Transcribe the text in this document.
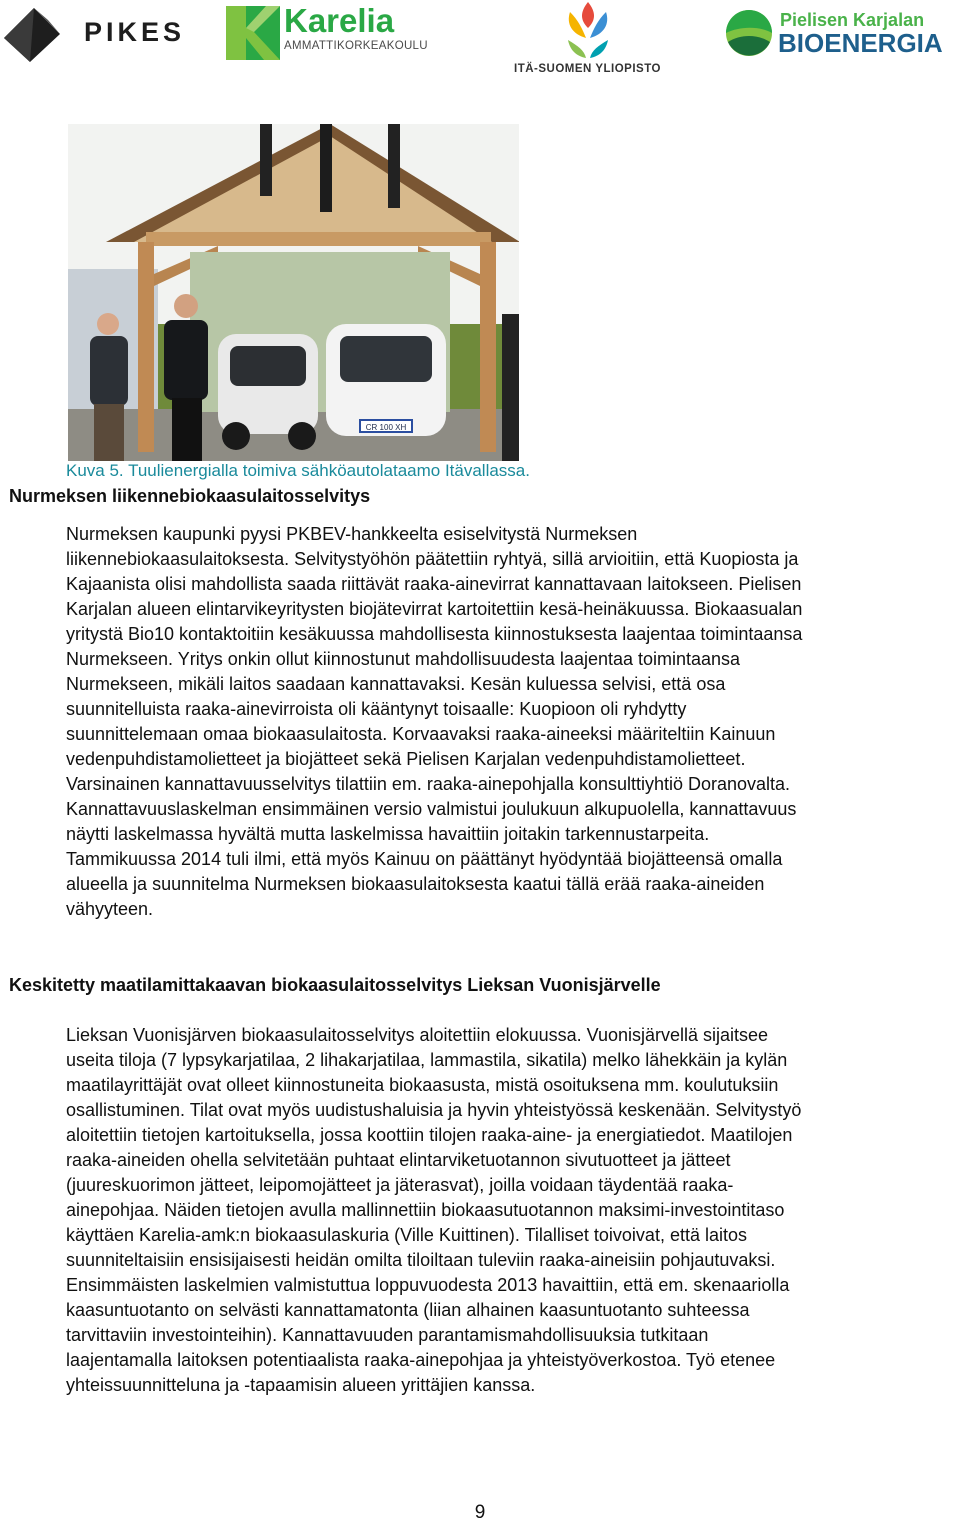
PIKES	Karelia
AMMATTIKORKEAKOULU
ITÄ-SUOMEN YLIOPISTO
Pielisen Karjalan
BIOENERGIA
CR 100 XH
Kuva 5. Tuulienergialla toimiva sähköautolataamo Itävallassa.
Nurmeksen liikennebiokaasulaitosselvitys
Nurmeksen kaupunki pyysi PKBEV-hankkeelta esiselvitystä Nurmeksen
liikennebiokaasulaitoksesta. Selvitystyöhön päätettiin ryhtyä, sillä arvioitiin, että Kuopiosta ja
Kajaanista olisi mahdollista saada riittävät raaka-ainevirrat kannattavaan laitokseen. Pielisen
Karjalan alueen elintarvikeyritysten biojätevirrat kartoitettiin kesä-heinäkuussa. Biokaasualan
yritystä Bio10 kontaktoitiin kesäkuussa mahdollisesta kiinnostuksesta laajentaa toimintaansa
Nurmekseen. Yritys onkin ollut kiinnostunut mahdollisuudesta laajentaa toimintaansa
Nurmekseen, mikäli laitos saadaan kannattavaksi. Kesän kuluessa selvisi, että osa
suunnitelluista raaka-ainevirroista oli kääntynyt toisaalle: Kuopioon oli ryhdytty
suunnittelemaan omaa biokaasulaitosta. Korvaavaksi raaka-aineeksi määriteltiin Kainuun
vedenpuhdistamolietteet ja biojätteet sekä Pielisen Karjalan vedenpuhdistamolietteet.
Varsinainen kannattavuusselvitys tilattiin em. raaka-ainepohjalla konsulttiyhtiö Doranovalta.
Kannattavuuslaskelman ensimmäinen versio valmistui joulukuun alkupuolella, kannattavuus
näytti laskelmassa hyvältä mutta laskelmissa havaittiin joitakin tarkennustarpeita.
Tammikuussa 2014 tuli ilmi, että myös Kainuu on päättänyt hyödyntää biojätteensä omalla
alueella ja suunnitelma Nurmeksen biokaasulaitoksesta kaatui tällä erää raaka-aineiden
vähyyteen.
Keskitetty maatilamittakaavan biokaasulaitosselvitys Lieksan Vuonisjärvelle
Lieksan Vuonisjärven biokaasulaitosselvitys aloitettiin elokuussa. Vuonisjärvellä sijaitsee
useita tiloja (7 lypsykarjatilaa, 2 lihakarjatilaa, lammastila, sikatila) melko lähekkäin ja kylän
maatilayrittäjät ovat olleet kiinnostuneita biokaasusta, mistä osoituksena mm. koulutuksiin
osallistuminen. Tilat ovat myös uudistushaluisia ja hyvin yhteistyössä keskenään. Selvitystyö
aloitettiin tietojen kartoituksella, jossa koottiin tilojen raaka-aine- ja energiatiedot. Maatilojen
raaka-aineiden ohella selvitetään puhtaat elintarviketuotannon sivutuotteet ja jätteet
(juureskuorimon jätteet, leipomojätteet ja jäterasvat), joilla voidaan täydentää raaka-
ainepohjaa. Näiden tietojen avulla mallinnettiin biokaasutuotannon maksimi-investointitaso
käyttäen Karelia-amk:n biokaasulaskuria (Ville Kuittinen). Tilalliset toivoivat, että laitos
suunniteltaisiin ensisijaisesti heidän omilta tiloiltaan tuleviin raaka-aineisiin pohjautuvaksi.
Ensimmäisten laskelmien valmistuttua loppuvuodesta 2013 havaittiin, että em. skenaariolla
kaasuntuotanto on selvästi kannattamatonta (liian alhainen kaasuntuotanto suhteessa
tarvittaviin investointeihin). Kannattavuuden parantamismahdollisuuksia tutkitaan
laajentamalla laitoksen potentiaalista raaka-ainepohjaa ja yhteistyöverkostoa. Työ etenee
yhteissuunnitteluna ja -tapaamisin alueen yrittäjien kanssa.
9
